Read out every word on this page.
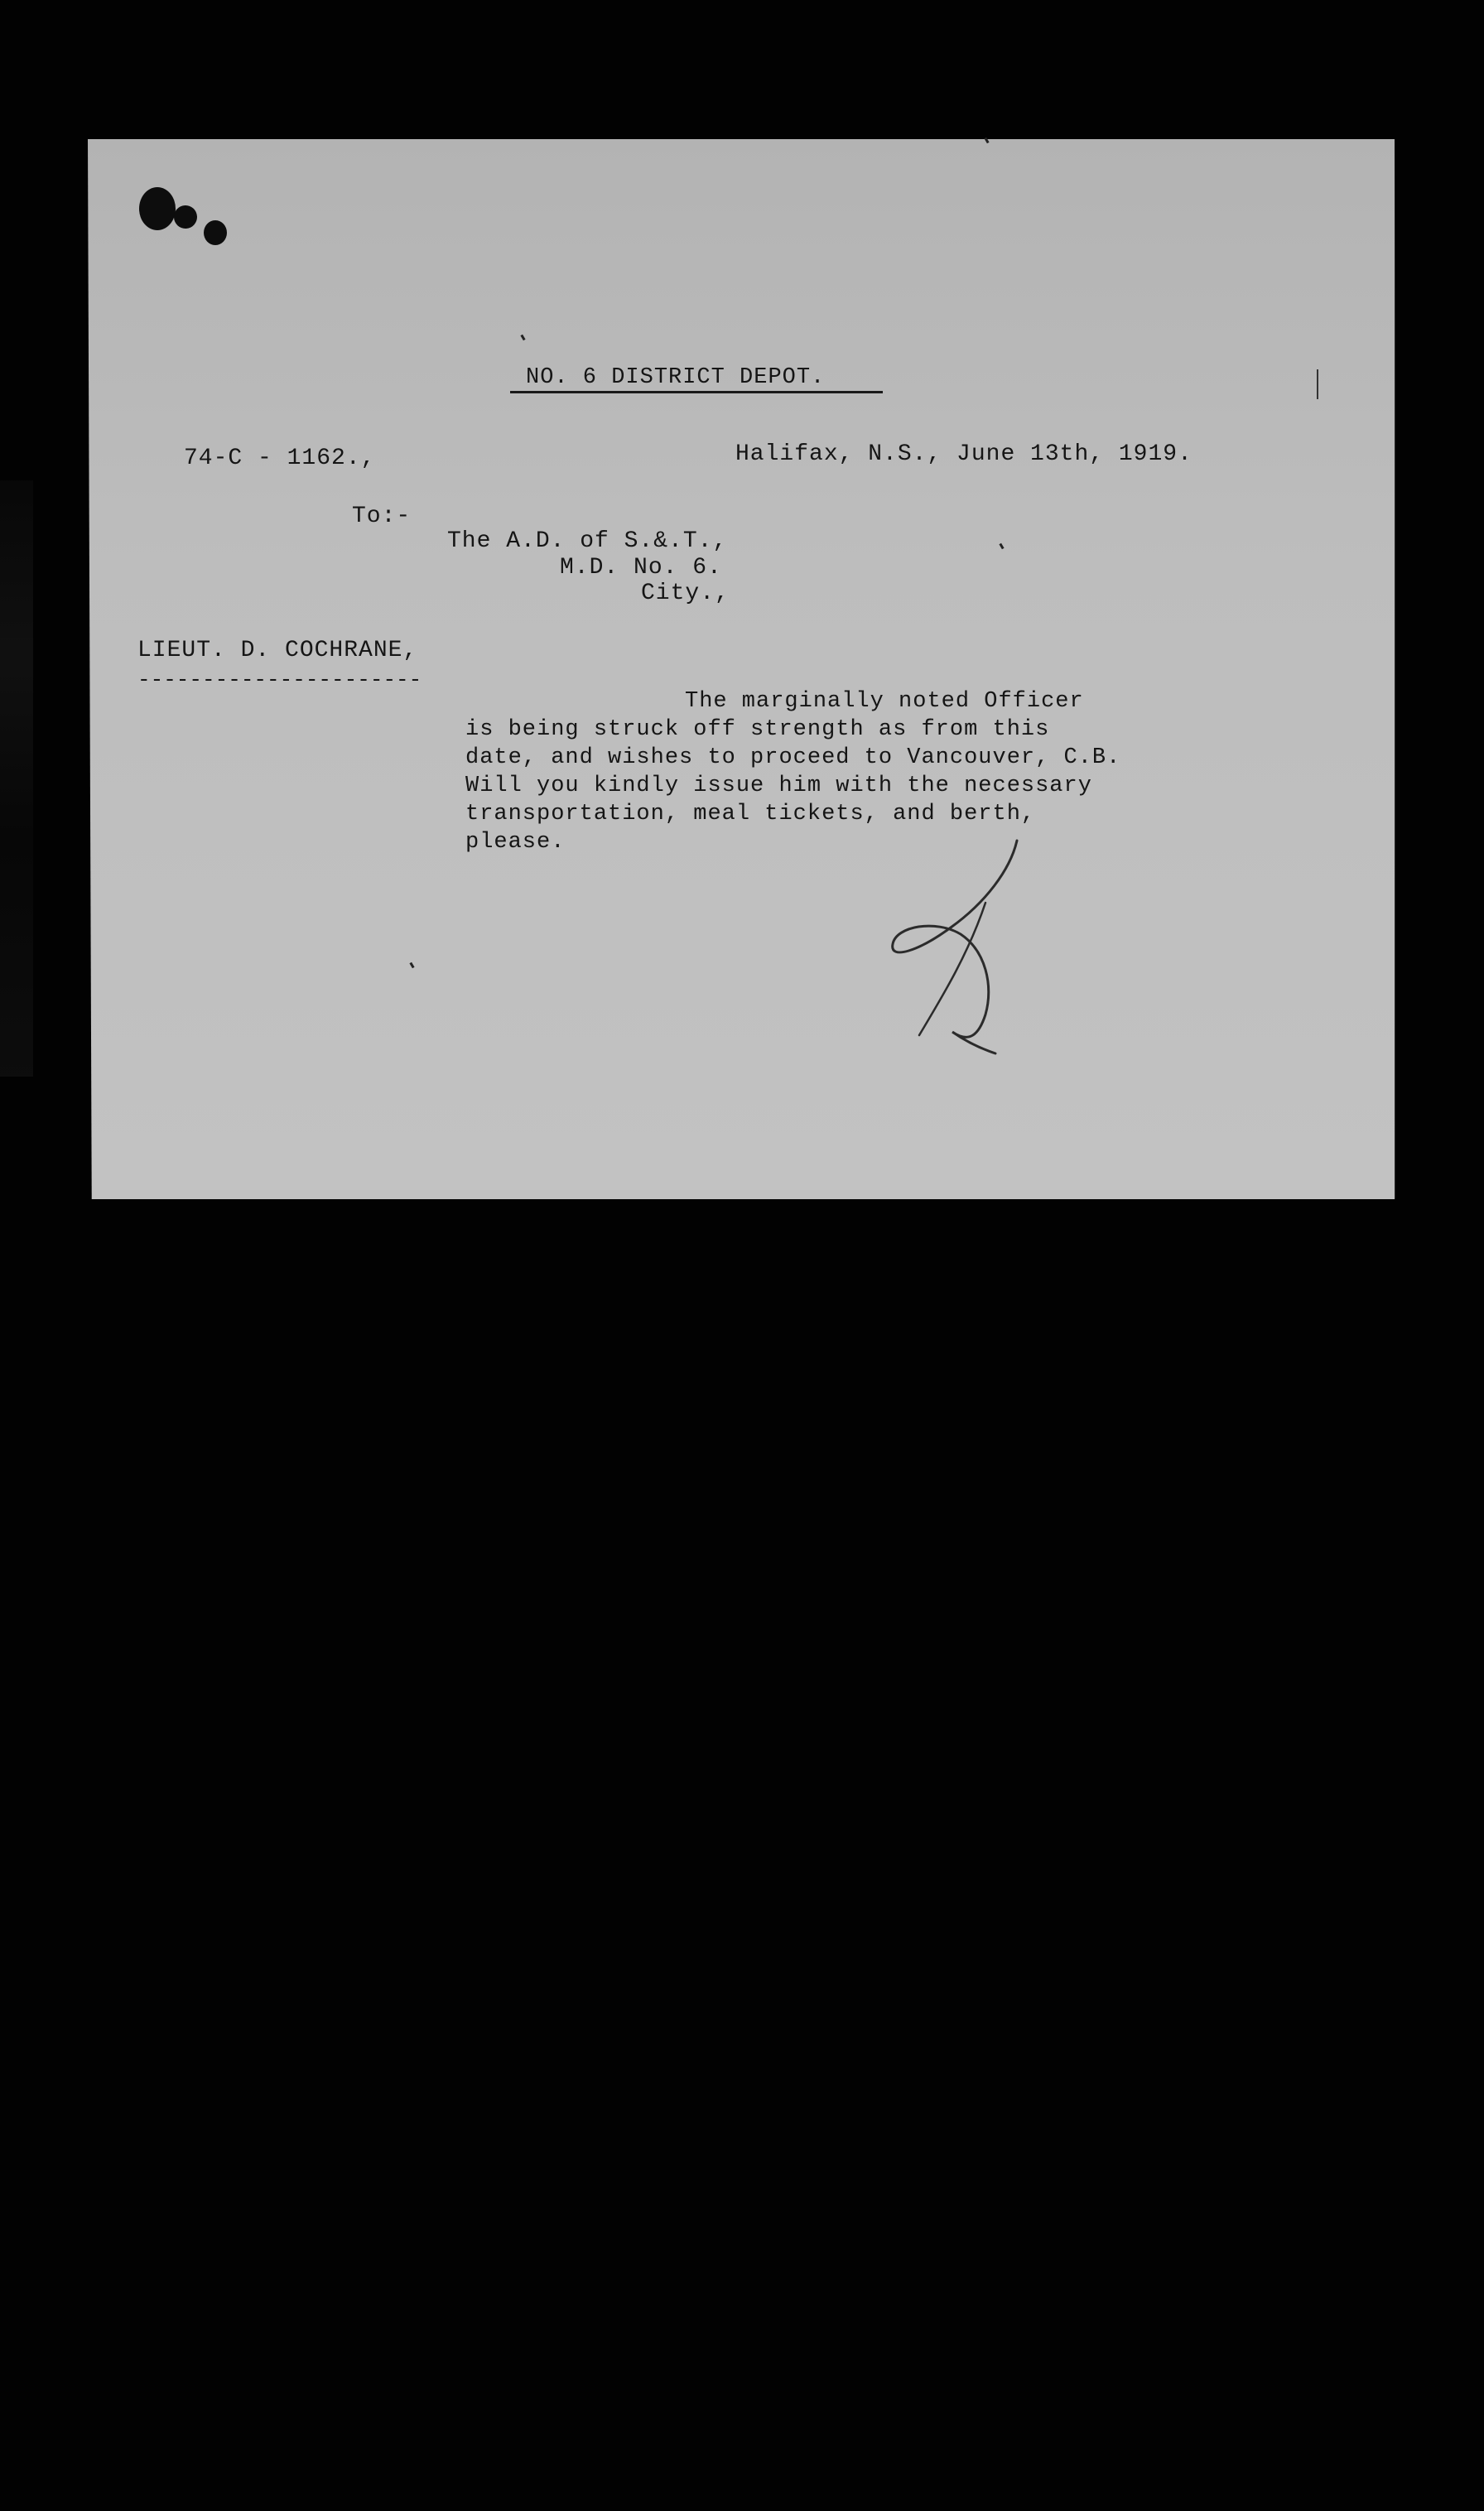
NO. 6 DISTRICT DEPOT.
74-C - 1162.,	Halifax, N.S., June 13th, 1919.
To:-
The A.D. of S.&.T.,
M.D. No. 6.
City.,
LIEUT. D. COCHRANE,
----------------------
The marginally noted Officer
is being struck off strength as from this
date, and wishes to proceed to Vancouver, C.B.
Will you kindly issue him with the necessary
transportation, meal tickets, and berth,
please.
